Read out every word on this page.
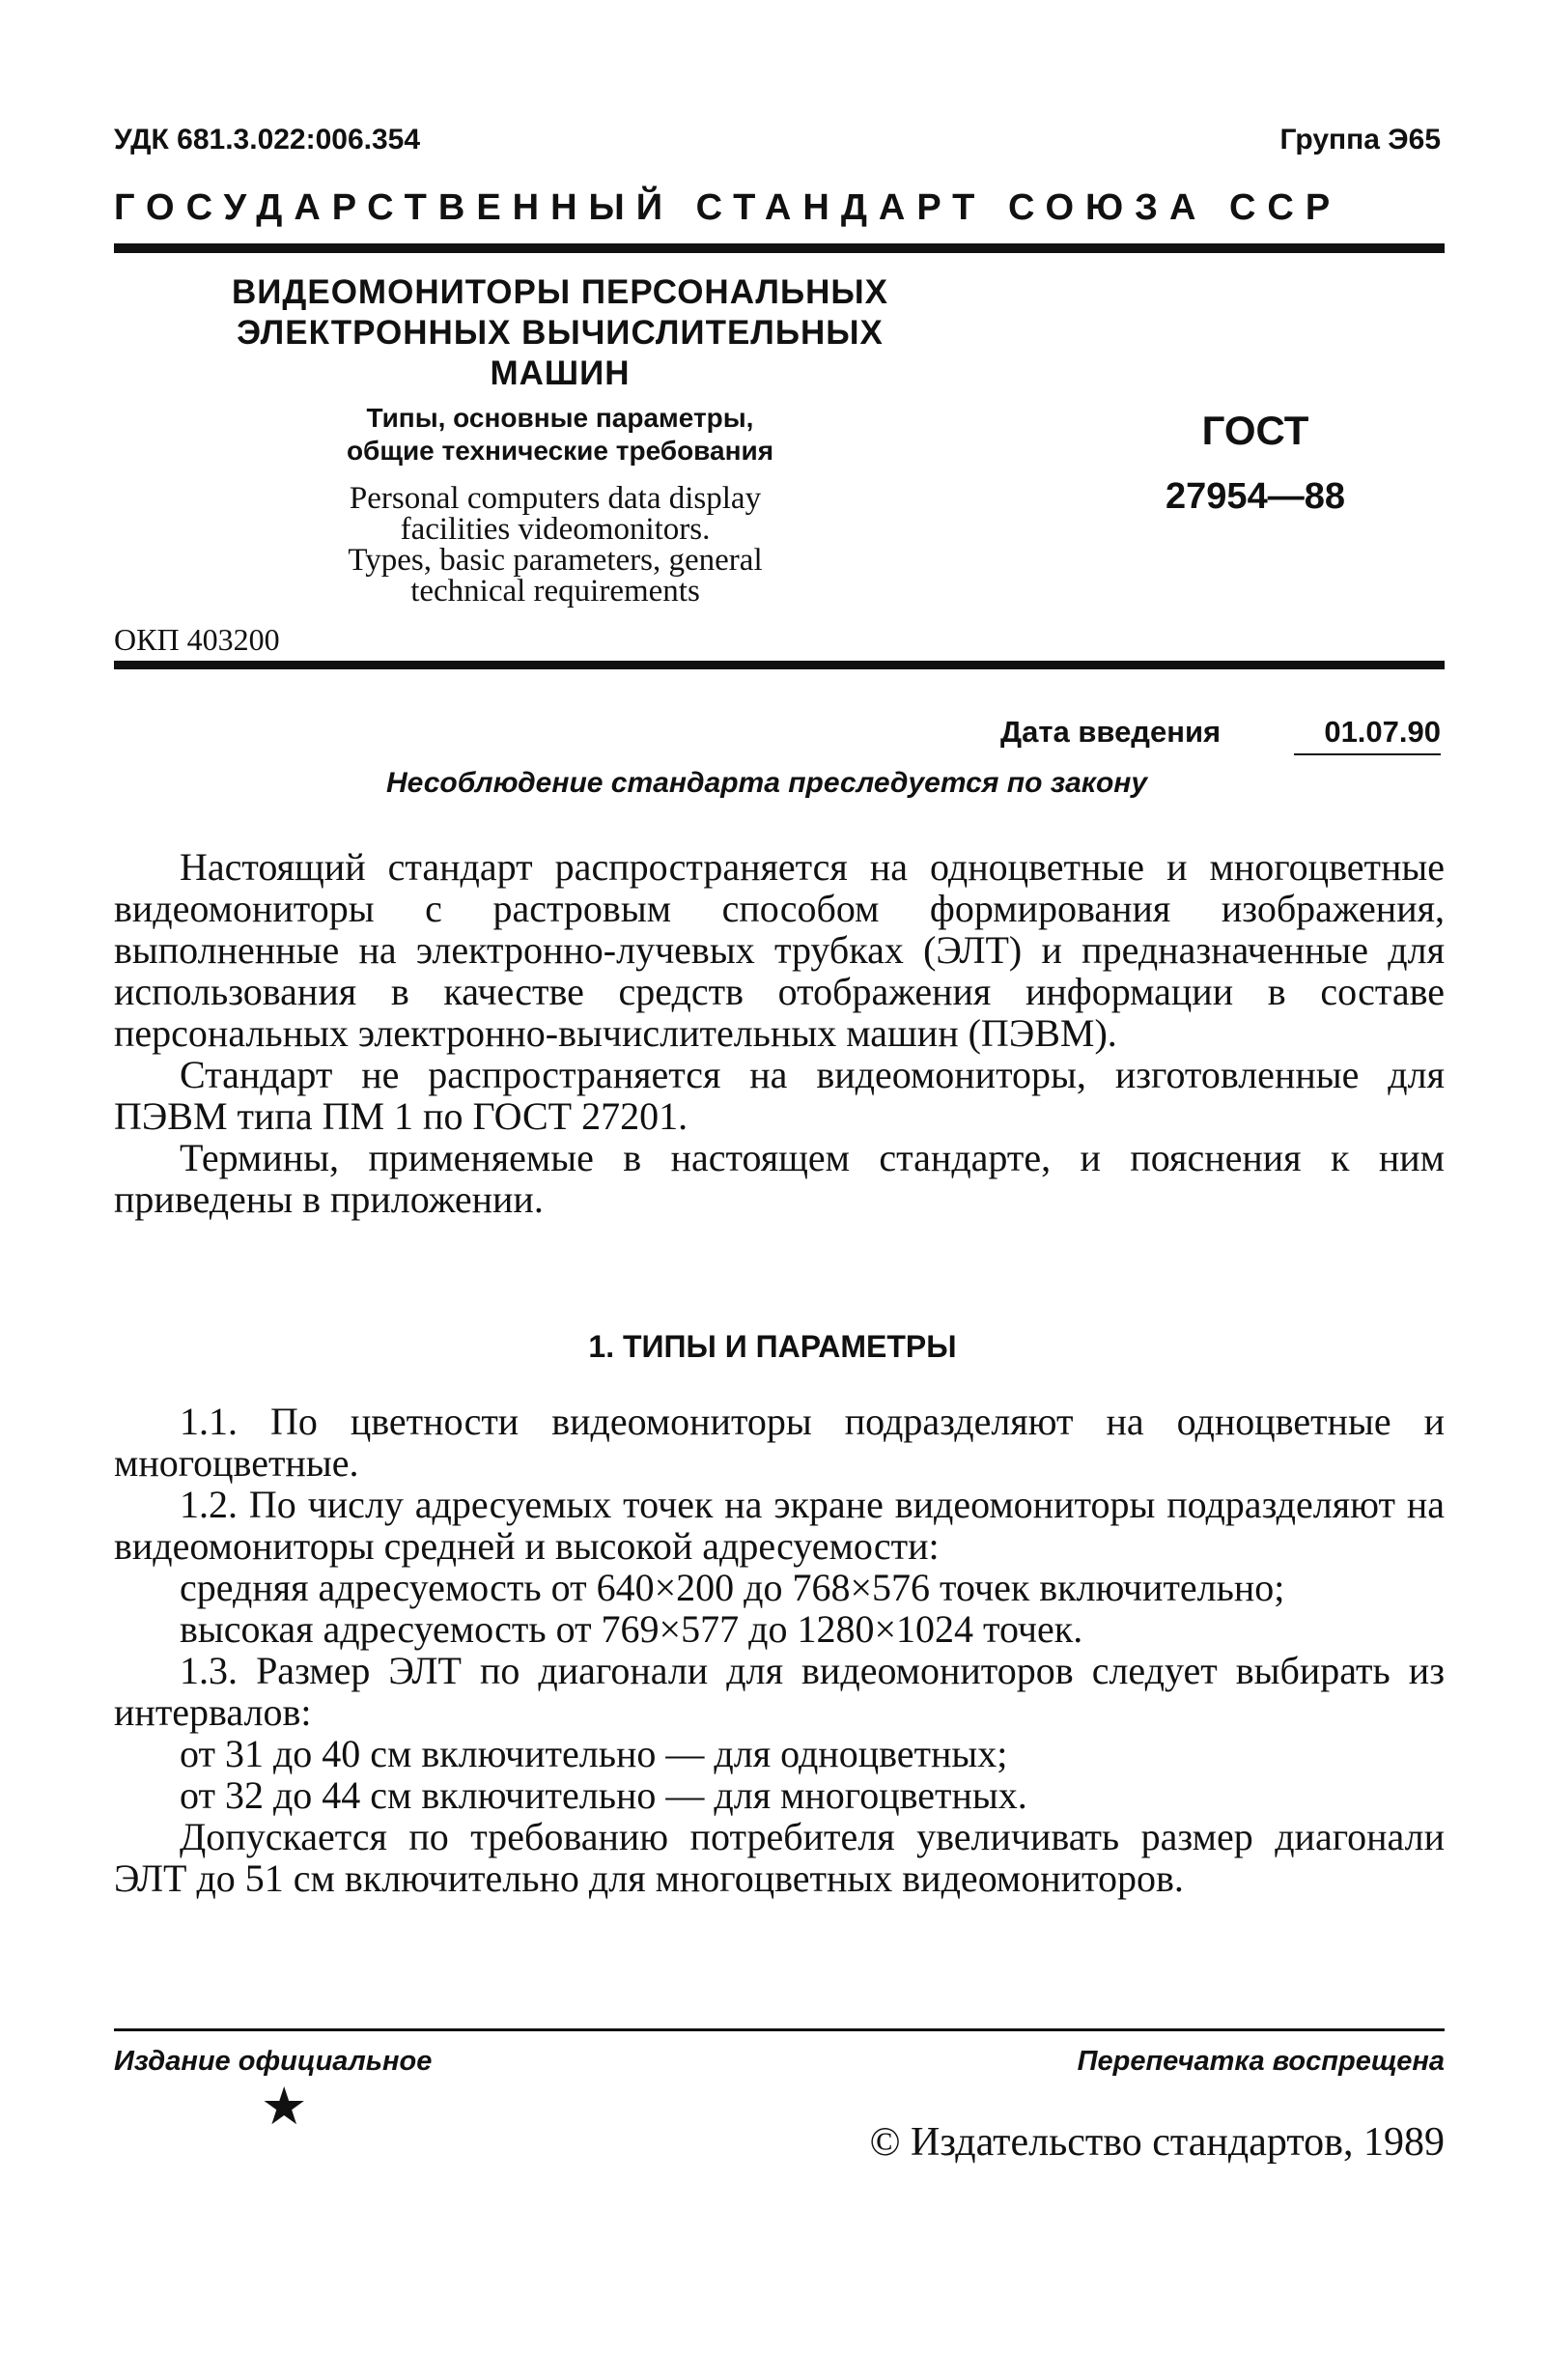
УДК 681.3.022:006.354	Группа Э65
ГОСУДАРСТВЕННЫЙ СТАНДАРТ СОЮЗА ССР
ВИДЕОМОНИТОРЫ ПЕРСОНАЛЬНЫХ
ЭЛЕКТРОННЫХ ВЫЧИСЛИТЕЛЬНЫХ
МАШИН
Типы, основные параметры,
общие технические требования
Personal computers data display
facilities videomonitors.
Types, basic parameters, general
technical requirements
ОКП 403200
ГОСТ
27954—88
Дата введения	01.07.90
Несоблюдение стандарта преследуется по закону

Настоящий стандарт распространяется на одноцветные и многоцветные видеомониторы с растровым способом формирования изображения, выполненные на электронно-лучевых трубках (ЭЛТ) и предназначенные для использования в качестве средств отображения информации в составе персональных электронно-вычислительных машин (ПЭВМ).

Стандарт не распространяется на видеомониторы, изготовленные для ПЭВМ типа ПМ 1 по ГОСТ 27201.

Термины, применяемые в настоящем стандарте, и пояснения к ним приведены в приложении.

1. ТИПЫ И ПАРАМЕТРЫ

1.1. По цветности видеомониторы подразделяют на одноцветные и многоцветные.

1.2. По числу адресуемых точек на экране видеомониторы подразделяют на видеомониторы средней и высокой адресуемости:

средняя адресуемость от 640×200 до 768×576 точек включительно;

высокая адресуемость от 769×577 до 1280×1024 точек.

1.3. Размер ЭЛТ по диагонали для видеомониторов следует выбирать из интервалов:

от 31 до 40 см включительно — для одноцветных;

от 32 до 44 см включительно — для многоцветных.

Допускается по требованию потребителя увеличивать размер диагонали ЭЛТ до 51 см включительно для многоцветных видеомониторов.

Издание официальное	Перепечатка воспрещена
★
© Издательство стандартов, 1989
